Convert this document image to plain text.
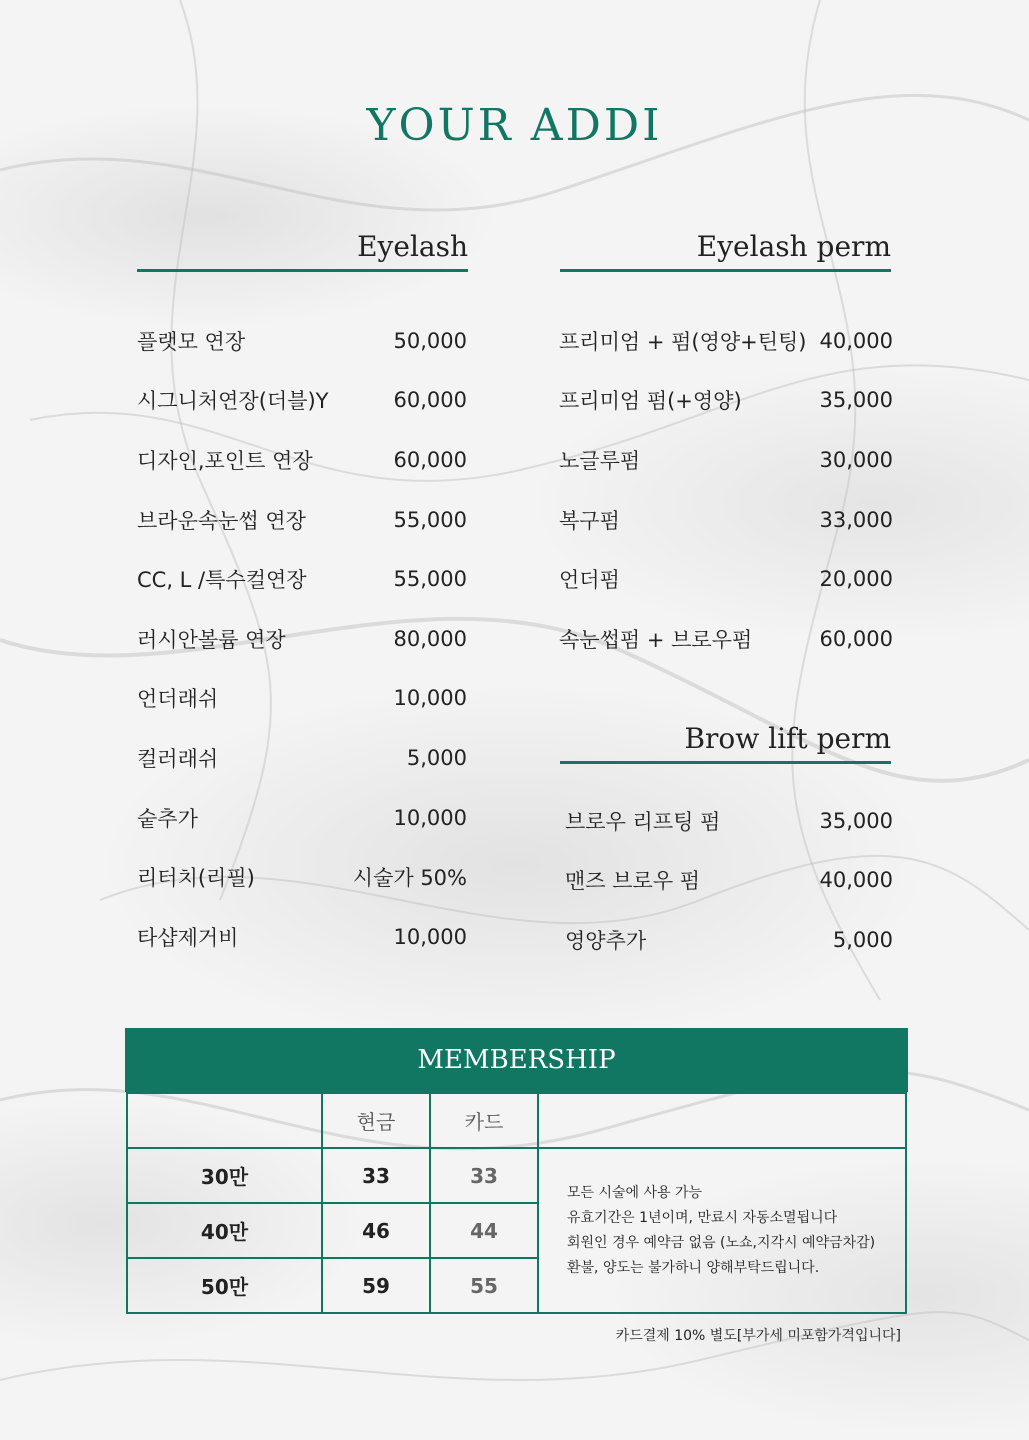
YOUR ADDI
Eyelash
플랫모 연장	50,000
시그니처연장(더블)Y	60,000
디자인,포인트 연장	60,000
브라운속눈썹 연장	55,000
CC, L /특수컬연장	55,000
러시안볼륨 연장	80,000
언더래쉬	10,000
컬러래쉬	5,000
숱추가	10,000
리터치(리필)	시술가 50%
타샵제거비	10,000
Eyelash perm
프리미엄 + 펌(영양+틴팅) 40,000
프리미엄 펌(+영양)	35,000
노글루펌	30,000
복구펌	33,000
언더펌	20,000
속눈썹펌 + 브로우펌	60,000
Brow lift perm
브로우 리프팅 펌	35,000
맨즈 브로우 펌	40,000
영양추가	5,000
MEMBERSHIP
	현금	카드	
30만	33	33	모든 시술에 사용 가능
유효기간은 1년이며, 만료시 자동소멸됩니다
회원인 경우 예약금 없음 (노쇼,지각시 예약금차감)
환불, 양도는 불가하니 양해부탁드립니다.

40만	46	44	
50만	59	55	
카드결제 10% 별도[부가세 미포함가격입니다]
